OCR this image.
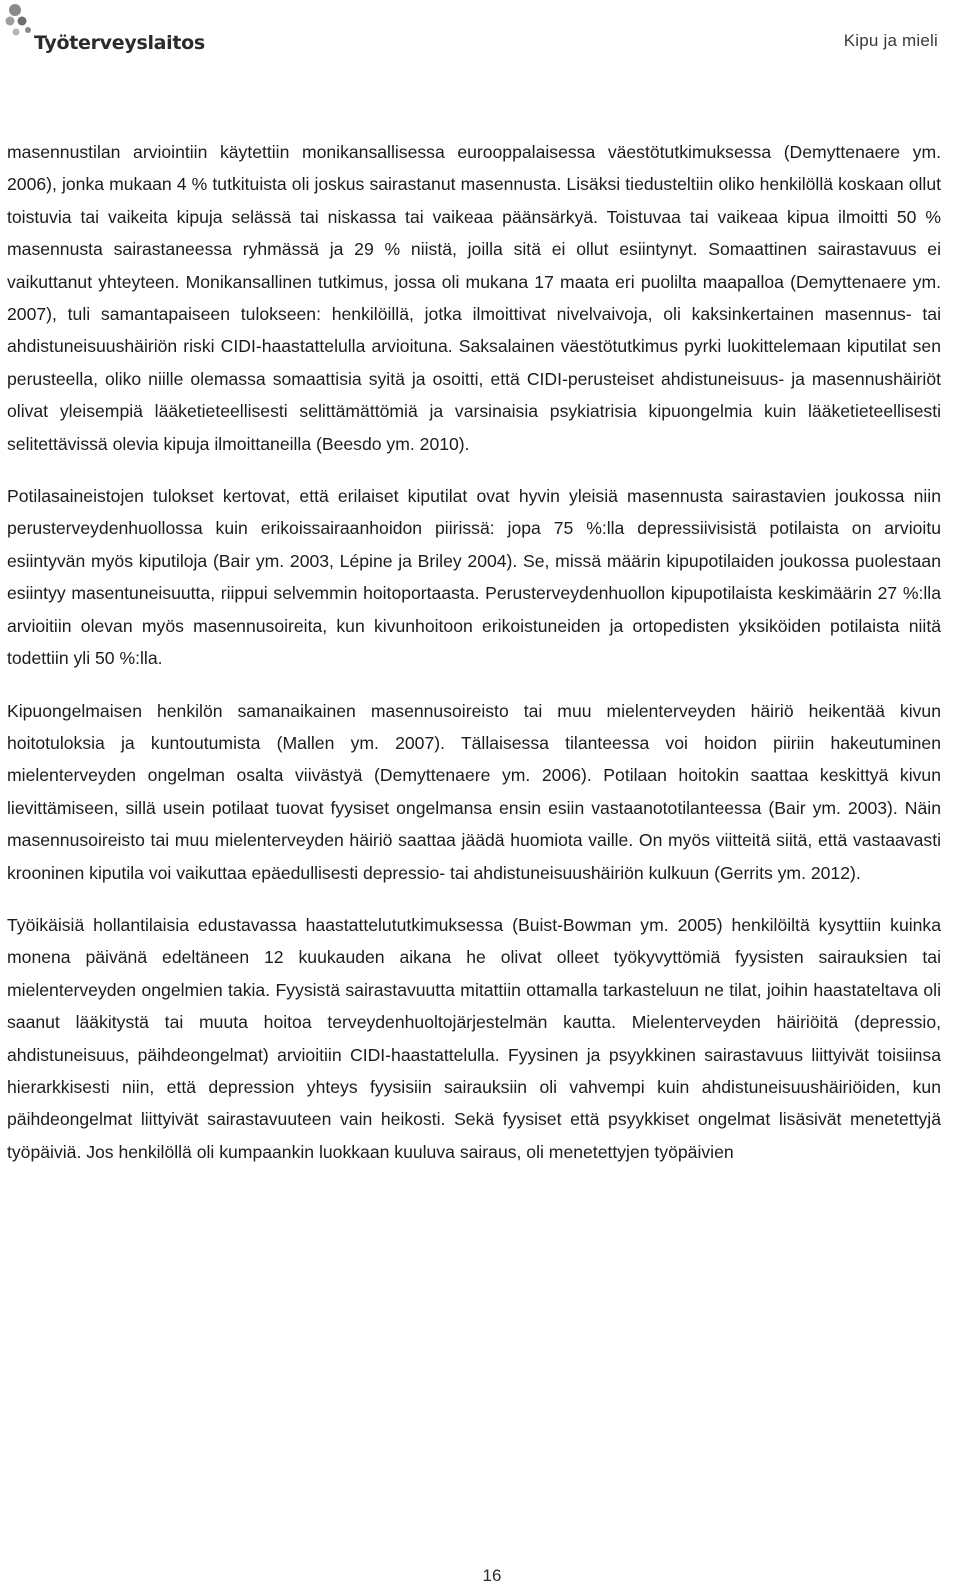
Työterveyslaitos	Kipu ja mieli

masennustilan arviointiin käytettiin monikansallisessa eurooppalaisessa väestötutkimuksessa (Demyttenaere ym. 2006), jonka mukaan 4 % tutkituista oli joskus sairastanut masennusta. Lisäksi tiedusteltiin oliko henkilöllä koskaan ollut toistuvia tai vaikeita kipuja selässä tai niskassa tai vaikeaa päänsärkyä. Toistuvaa tai vaikeaa kipua ilmoitti 50 % masennusta sairastaneessa ryhmässä ja 29 % niistä, joilla sitä ei ollut esiintynyt. Somaattinen sairastavuus ei vaikuttanut yhteyteen. Monikansallinen tutkimus, jossa oli mukana 17 maata eri puolilta maapalloa (Demyttenaere ym. 2007), tuli samantapaiseen tulokseen: henkilöillä, jotka ilmoittivat nivelvaivoja, oli kaksinkertainen masennus- tai ahdistuneisuushäiriön riski CIDI-haastattelulla arvioituna. Saksalainen väestötutkimus pyrki luokittelemaan kiputilat sen perusteella, oliko niille olemassa somaattisia syitä ja osoitti, että CIDI-perusteiset ahdistuneisuus- ja masennushäiriöt olivat yleisempiä lääketieteellisesti selittämättömiä ja varsinaisia psykiatrisia kipuongelmia kuin lääketieteellisesti selitettävissä olevia kipuja ilmoittaneilla (Beesdo ym. 2010).

Potilasaineistojen tulokset kertovat, että erilaiset kiputilat ovat hyvin yleisiä masennusta sairastavien joukossa niin perusterveydenhuollossa kuin erikoissairaanhoidon piirissä: jopa 75 %:lla depressiivisistä potilaista on arvioitu esiintyvän myös kiputiloja (Bair ym. 2003, Lépine ja Briley 2004). Se, missä määrin kipupotilaiden joukossa puolestaan esiintyy masentuneisuutta, riippui selvemmin hoitoportaasta. Perusterveydenhuollon kipupotilaista keskimäärin 27 %:lla arvioitiin olevan myös masennusoireita, kun kivunhoitoon erikoistuneiden ja ortopedisten yksiköiden potilaista niitä todettiin yli 50 %:lla.

Kipuongelmaisen henkilön samanaikainen masennusoireisto tai muu mielenterveyden häiriö heikentää kivun hoitotuloksia ja kuntoutumista (Mallen ym. 2007). Tällaisessa tilanteessa voi hoidon piiriin hakeutuminen mielenterveyden ongelman osalta viivästyä (Demyttenaere ym. 2006). Potilaan hoitokin saattaa keskittyä kivun lievittämiseen, sillä usein potilaat tuovat fyysiset ongelmansa ensin esiin vastaanototilanteessa (Bair ym. 2003). Näin masennusoireisto tai muu mielenterveyden häiriö saattaa jäädä huomiota vaille. On myös viitteitä siitä, että vastaavasti krooninen kiputila voi vaikuttaa epäedullisesti depressio- tai ahdistuneisuushäiriön kulkuun (Gerrits ym. 2012).

Työikäisiä hollantilaisia edustavassa haastattelututkimuksessa (Buist-Bowman ym. 2005) henkilöiltä kysyttiin kuinka monena päivänä edeltäneen 12 kuukauden aikana he olivat olleet työkyvyttömiä fyysisten sairauksien tai mielenterveyden ongelmien takia. Fyysistä sairastavuutta mitattiin ottamalla tarkasteluun ne tilat, joihin haastateltava oli saanut lääkitystä tai muuta hoitoa terveydenhuoltojärjestelmän kautta. Mielenterveyden häiriöitä (depressio, ahdistuneisuus, päihdeongelmat) arvioitiin CIDI-haastattelulla. Fyysinen ja psyykkinen sairastavuus liittyivät toisiinsa hierarkkisesti niin, että depression yhteys fyysisiin sairauksiin oli vahvempi kuin ahdistuneisuushäiriöiden, kun päihdeongelmat liittyivät sairastavuuteen vain heikosti. Sekä fyysiset että psyykkiset ongelmat lisäsivät menetettyjä työpäiviä. Jos henkilöllä oli kumpaankin luokkaan kuuluva sairaus, oli menetettyjen työpäivien

16
